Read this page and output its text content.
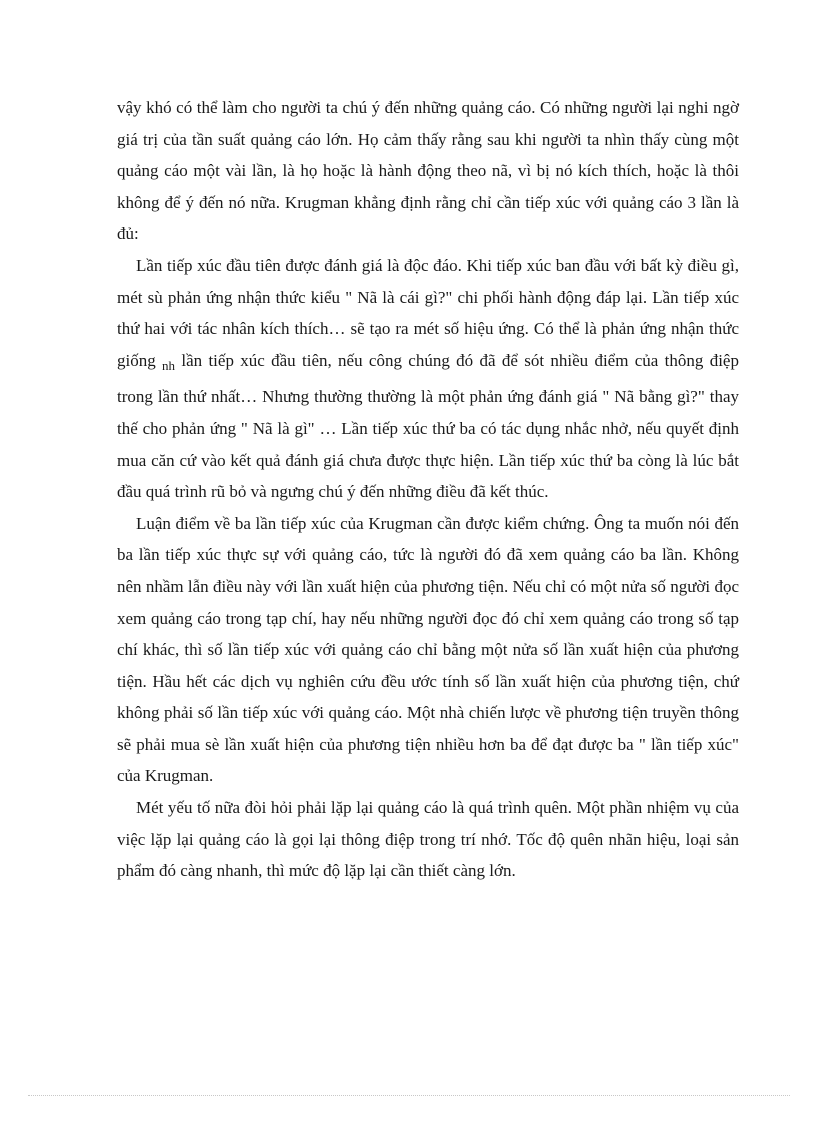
vậy khó có thể làm cho người ta chú ý đến những quảng cáo. Có những người lại nghi ngờ giá trị của tần suất quảng cáo lớn. Họ cảm thấy rằng sau khi người ta nhìn thấy cùng một quảng cáo một vài lần, là họ hoặc là hành động theo nã, vì bị nó kích thích, hoặc là thôi không để ý đến nó nữa. Krugman khẳng định rằng chỉ cần tiếp xúc với quảng cáo 3 lần là đủ:

Lần tiếp xúc đầu tiên được đánh giá là độc đáo. Khi tiếp xúc ban đầu với bất kỳ điều gì, mét sù phản ứng nhận thức kiểu " Nã là cái gì?" chi phối hành động đáp lại. Lần tiếp xúc thứ hai với tác nhân kích thích… sẽ tạo ra mét số hiệu ứng. Có thể là phản ứng nhận thức giống $_{nh}$ lần tiếp xúc đầu tiên, nếu công chúng đó đã để sót nhiều điểm của thông điệp trong lần thứ nhất… Nhưng thường thường là một phản ứng đánh giá " Nã bằng gì?" thay thế cho phản ứng " Nã là gì" … Lần tiếp xúc thứ ba có tác dụng nhắc nhở, nếu quyết định mua căn cứ vào kết quả đánh giá chưa được thực hiện. Lần tiếp xúc thứ ba còng là lúc bắt đầu quá trình rũ bỏ và ngưng chú ý đến những điều đã kết thúc.

Luận điểm về ba lần tiếp xúc của Krugman cần được kiểm chứng. Ông ta muốn nói đến ba lần tiếp xúc thực sự với quảng cáo, tức là người đó đã xem quảng cáo ba lần. Không nên nhầm lẫn điều này với lần xuất hiện của phương tiện. Nếu chỉ có một nửa số người đọc xem quảng cáo trong tạp chí, hay nếu những người đọc đó chỉ xem quảng cáo trong số tạp chí khác, thì số lần tiếp xúc với quảng cáo chỉ bằng một nửa số lần xuất hiện của phương tiện. Hầu hết các dịch vụ nghiên cứu đều ước tính số lần xuất hiện của phương tiện, chứ không phải số lần tiếp xúc với quảng cáo. Một nhà chiến lược về phương tiện truyền thông sẽ phải mua sè lần xuất hiện của phương tiện nhiều hơn ba để đạt được ba " lần tiếp xúc" của Krugman.

Mét yếu tố nữa đòi hỏi phải lặp lại quảng cáo là quá trình quên. Một phần nhiệm vụ của việc lặp lại quảng cáo là gọi lại thông điệp trong trí nhớ. Tốc độ quên nhãn hiệu, loại sản phẩm đó càng nhanh, thì mức độ lặp lại cần thiết càng lớn.
